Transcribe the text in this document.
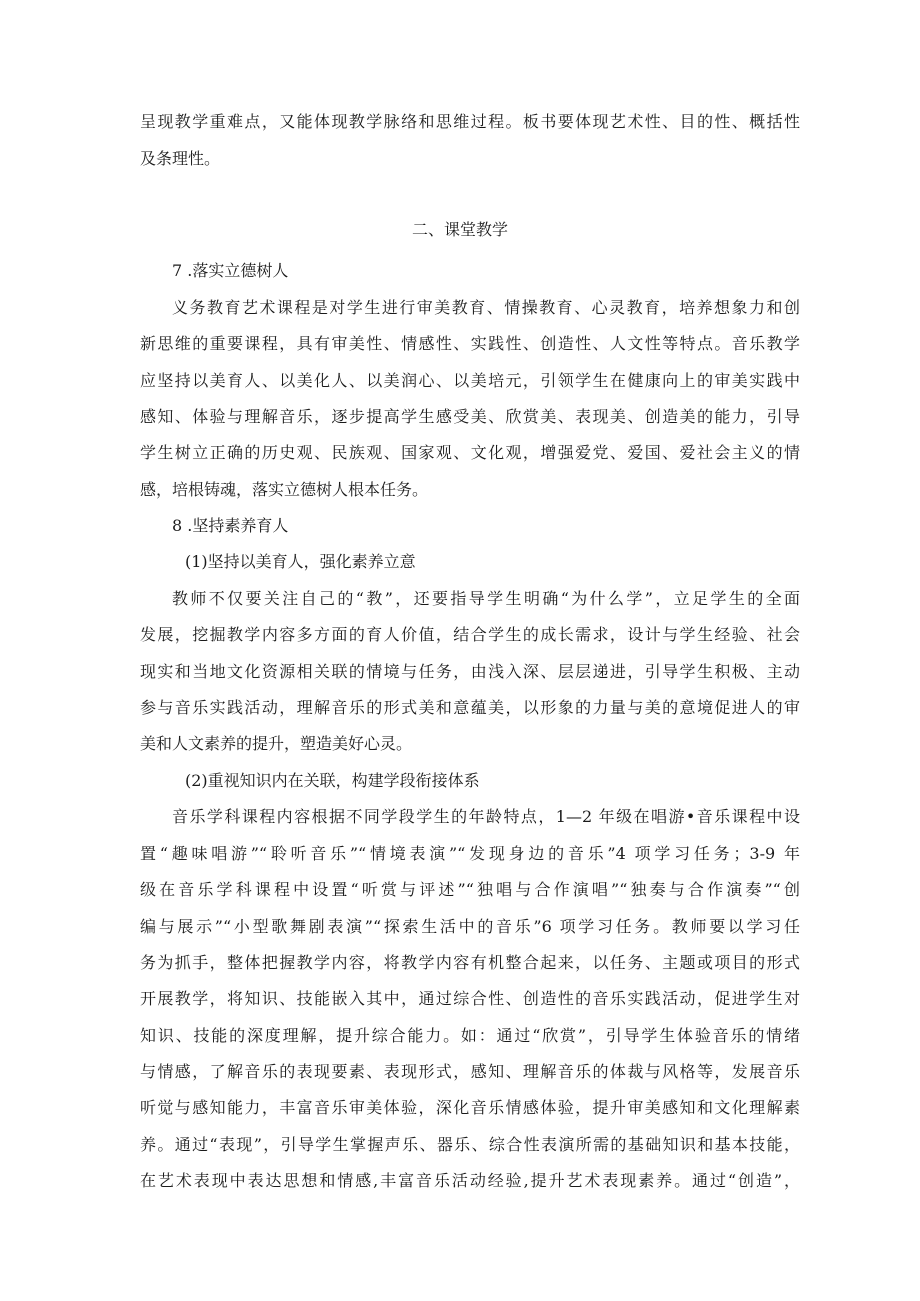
呈现教学重难点，又能体现教学脉络和思维过程。板书要体现艺术性、目的性、概括性
及条理性。
二、课堂教学
7 .落实立德树人
义务教育艺术课程是对学生进行审美教育、情操教育、心灵教育，培养想象力和创
新思维的重要课程，具有审美性、情感性、实践性、创造性、人文性等特点。音乐教学
应坚持以美育人、以美化人、以美润心、以美培元，引领学生在健康向上的审美实践中
感知、体验与理解音乐，逐步提高学生感受美、欣赏美、表现美、创造美的能力，引导
学生树立正确的历史观、民族观、国家观、文化观，增强爱党、爱国、爱社会主义的情
感，培根铸魂，落实立德树人根本任务。
8 .坚持素养育人
(1)坚持以美育人，强化素养立意
教师不仅要关注自己的“教”，还要指导学生明确“为什么学”，立足学生的全面
发展，挖掘教学内容多方面的育人价值，结合学生的成长需求，设计与学生经验、社会
现实和当地文化资源相关联的情境与任务，由浅入深、层层递进，引导学生积极、主动
参与音乐实践活动，理解音乐的形式美和意蕴美，以形象的力量与美的意境促进人的审
美和人文素养的提升，塑造美好心灵。
(2)重视知识内在关联，构建学段衔接体系
音乐学科课程内容根据不同学段学生的年龄特点，1—2 年级在唱游•音乐课程中设
置“趣味唱游”“聆听音乐”“情境表演”“发现身边的音乐”4 项学习任务；3-9 年
级在音乐学科课程中设置“听赏与评述”“独唱与合作演唱”“独奏与合作演奏”“创
编与展示”“小型歌舞剧表演”“探索生活中的音乐”6 项学习任务。教师要以学习任
务为抓手，整体把握教学内容，将教学内容有机整合起来，以任务、主题或项目的形式
开展教学，将知识、技能嵌入其中，通过综合性、创造性的音乐实践活动，促进学生对
知识、技能的深度理解，提升综合能力。如：通过“欣赏”，引导学生体验音乐的情绪
与情感，了解音乐的表现要素、表现形式，感知、理解音乐的体裁与风格等，发展音乐
听觉与感知能力，丰富音乐审美体验，深化音乐情感体验，提升审美感知和文化理解素
养。通过“表现”，引导学生掌握声乐、器乐、综合性表演所需的基础知识和基本技能，
在艺术表现中表达思想和情感,丰富音乐活动经验,提升艺术表现素养。通过“创造”，
